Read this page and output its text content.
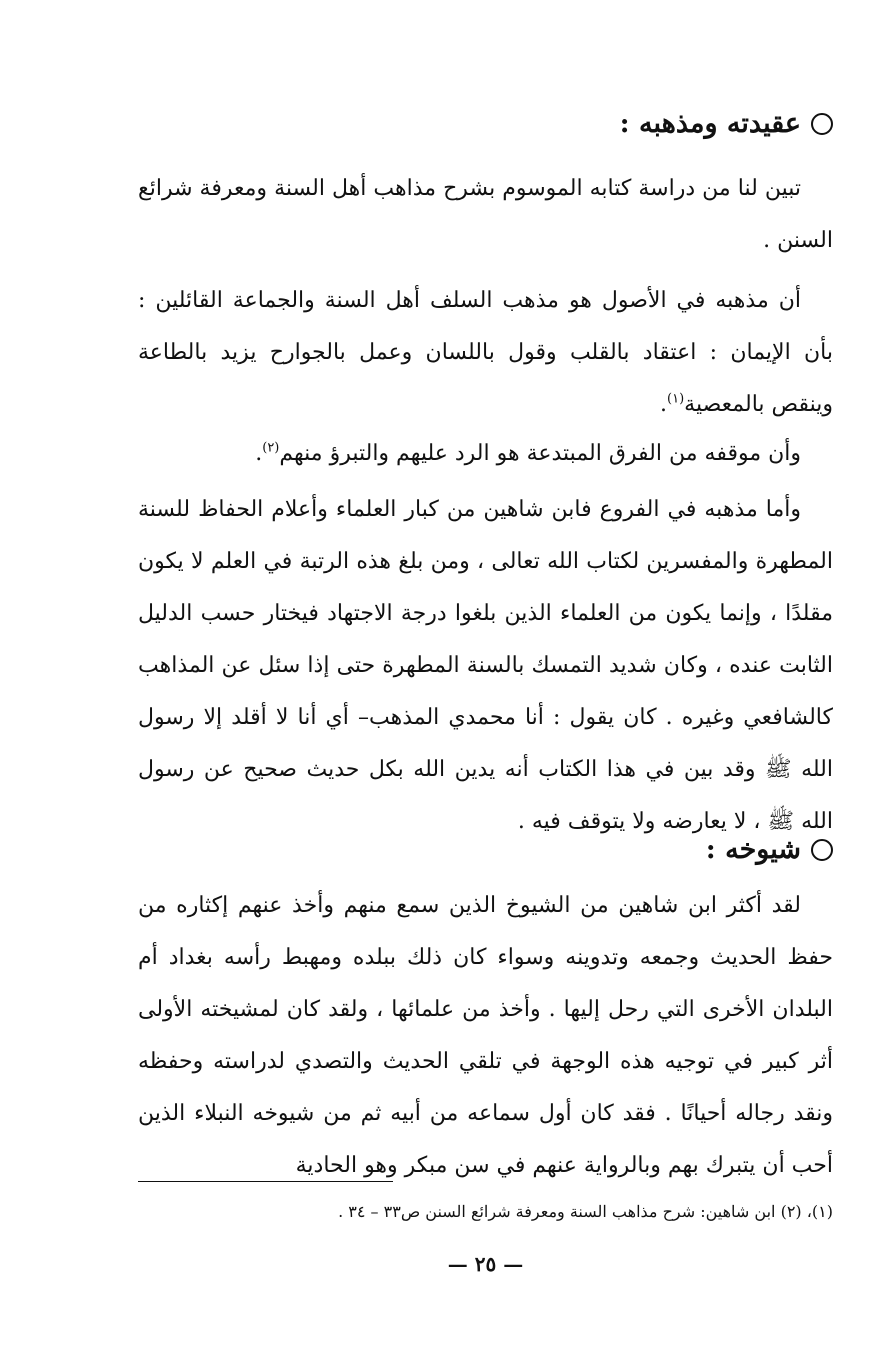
عقيدته ومذهبه :

تبين لنا من دراسة كتابه الموسوم بشرح مذاهب أهل السنة ومعرفة شرائع السنن .

أن مذهبه في الأصول هو مذهب السلف أهل السنة والجماعة القائلين : بأن الإيمان : اعتقاد بالقلب وقول باللسان وعمل بالجوارح يزيد بالطاعة وينقص بالمعصية$^{(١)}$.

وأن موقفه من الفرق المبتدعة هو الرد عليهم والتبرؤ منهم$^{(٢)}$.

وأما مذهبه في الفروع فابن شاهين من كبار العلماء وأعلام الحفاظ للسنة المطهرة والمفسرين لكتاب الله تعالى ، ومن بلغ هذه الرتبة في العلم لا يكون مقلدًا ، وإنما يكون من العلماء الذين بلغوا درجة الاجتهاد فيختار حسب الدليل الثابت عنده ، وكان شديد التمسك بالسنة المطهرة حتى إذا سئل عن المذاهب كالشافعي وغيره . كان يقول : أنا محمدي المذهب– أي أنا لا أقلد إلا رسول الله ﷺ وقد بين في هذا الكتاب أنه يدين الله بكل حديث صحيح عن رسول الله ﷺ ، لا يعارضه ولا يتوقف فيه .

شيوخه :

لقد أكثر ابن شاهين من الشيوخ الذين سمع منهم وأخذ عنهم إكثاره من حفظ الحديث وجمعه وتدوينه وسواء كان ذلك ببلده ومهبط رأسه بغداد أم البلدان الأخرى التي رحل إليها . وأخذ من علمائها ، ولقد كان لمشيخته الأولى أثر كبير في توجيه هذه الوجهة في تلقي الحديث والتصدي لدراسته وحفظه ونقد رجاله أحيانًا . فقد كان أول سماعه من أبيه ثم من شيوخه النبلاء الذين أحب أن يتبرك بهم وبالرواية عنهم في سن مبكر وهو الحادية

(١)، (٢) ابن شاهين: شرح مذاهب السنة ومعرفة شرائع السنن ص٣٣ – ٣٤ .
— ٢٥ —
